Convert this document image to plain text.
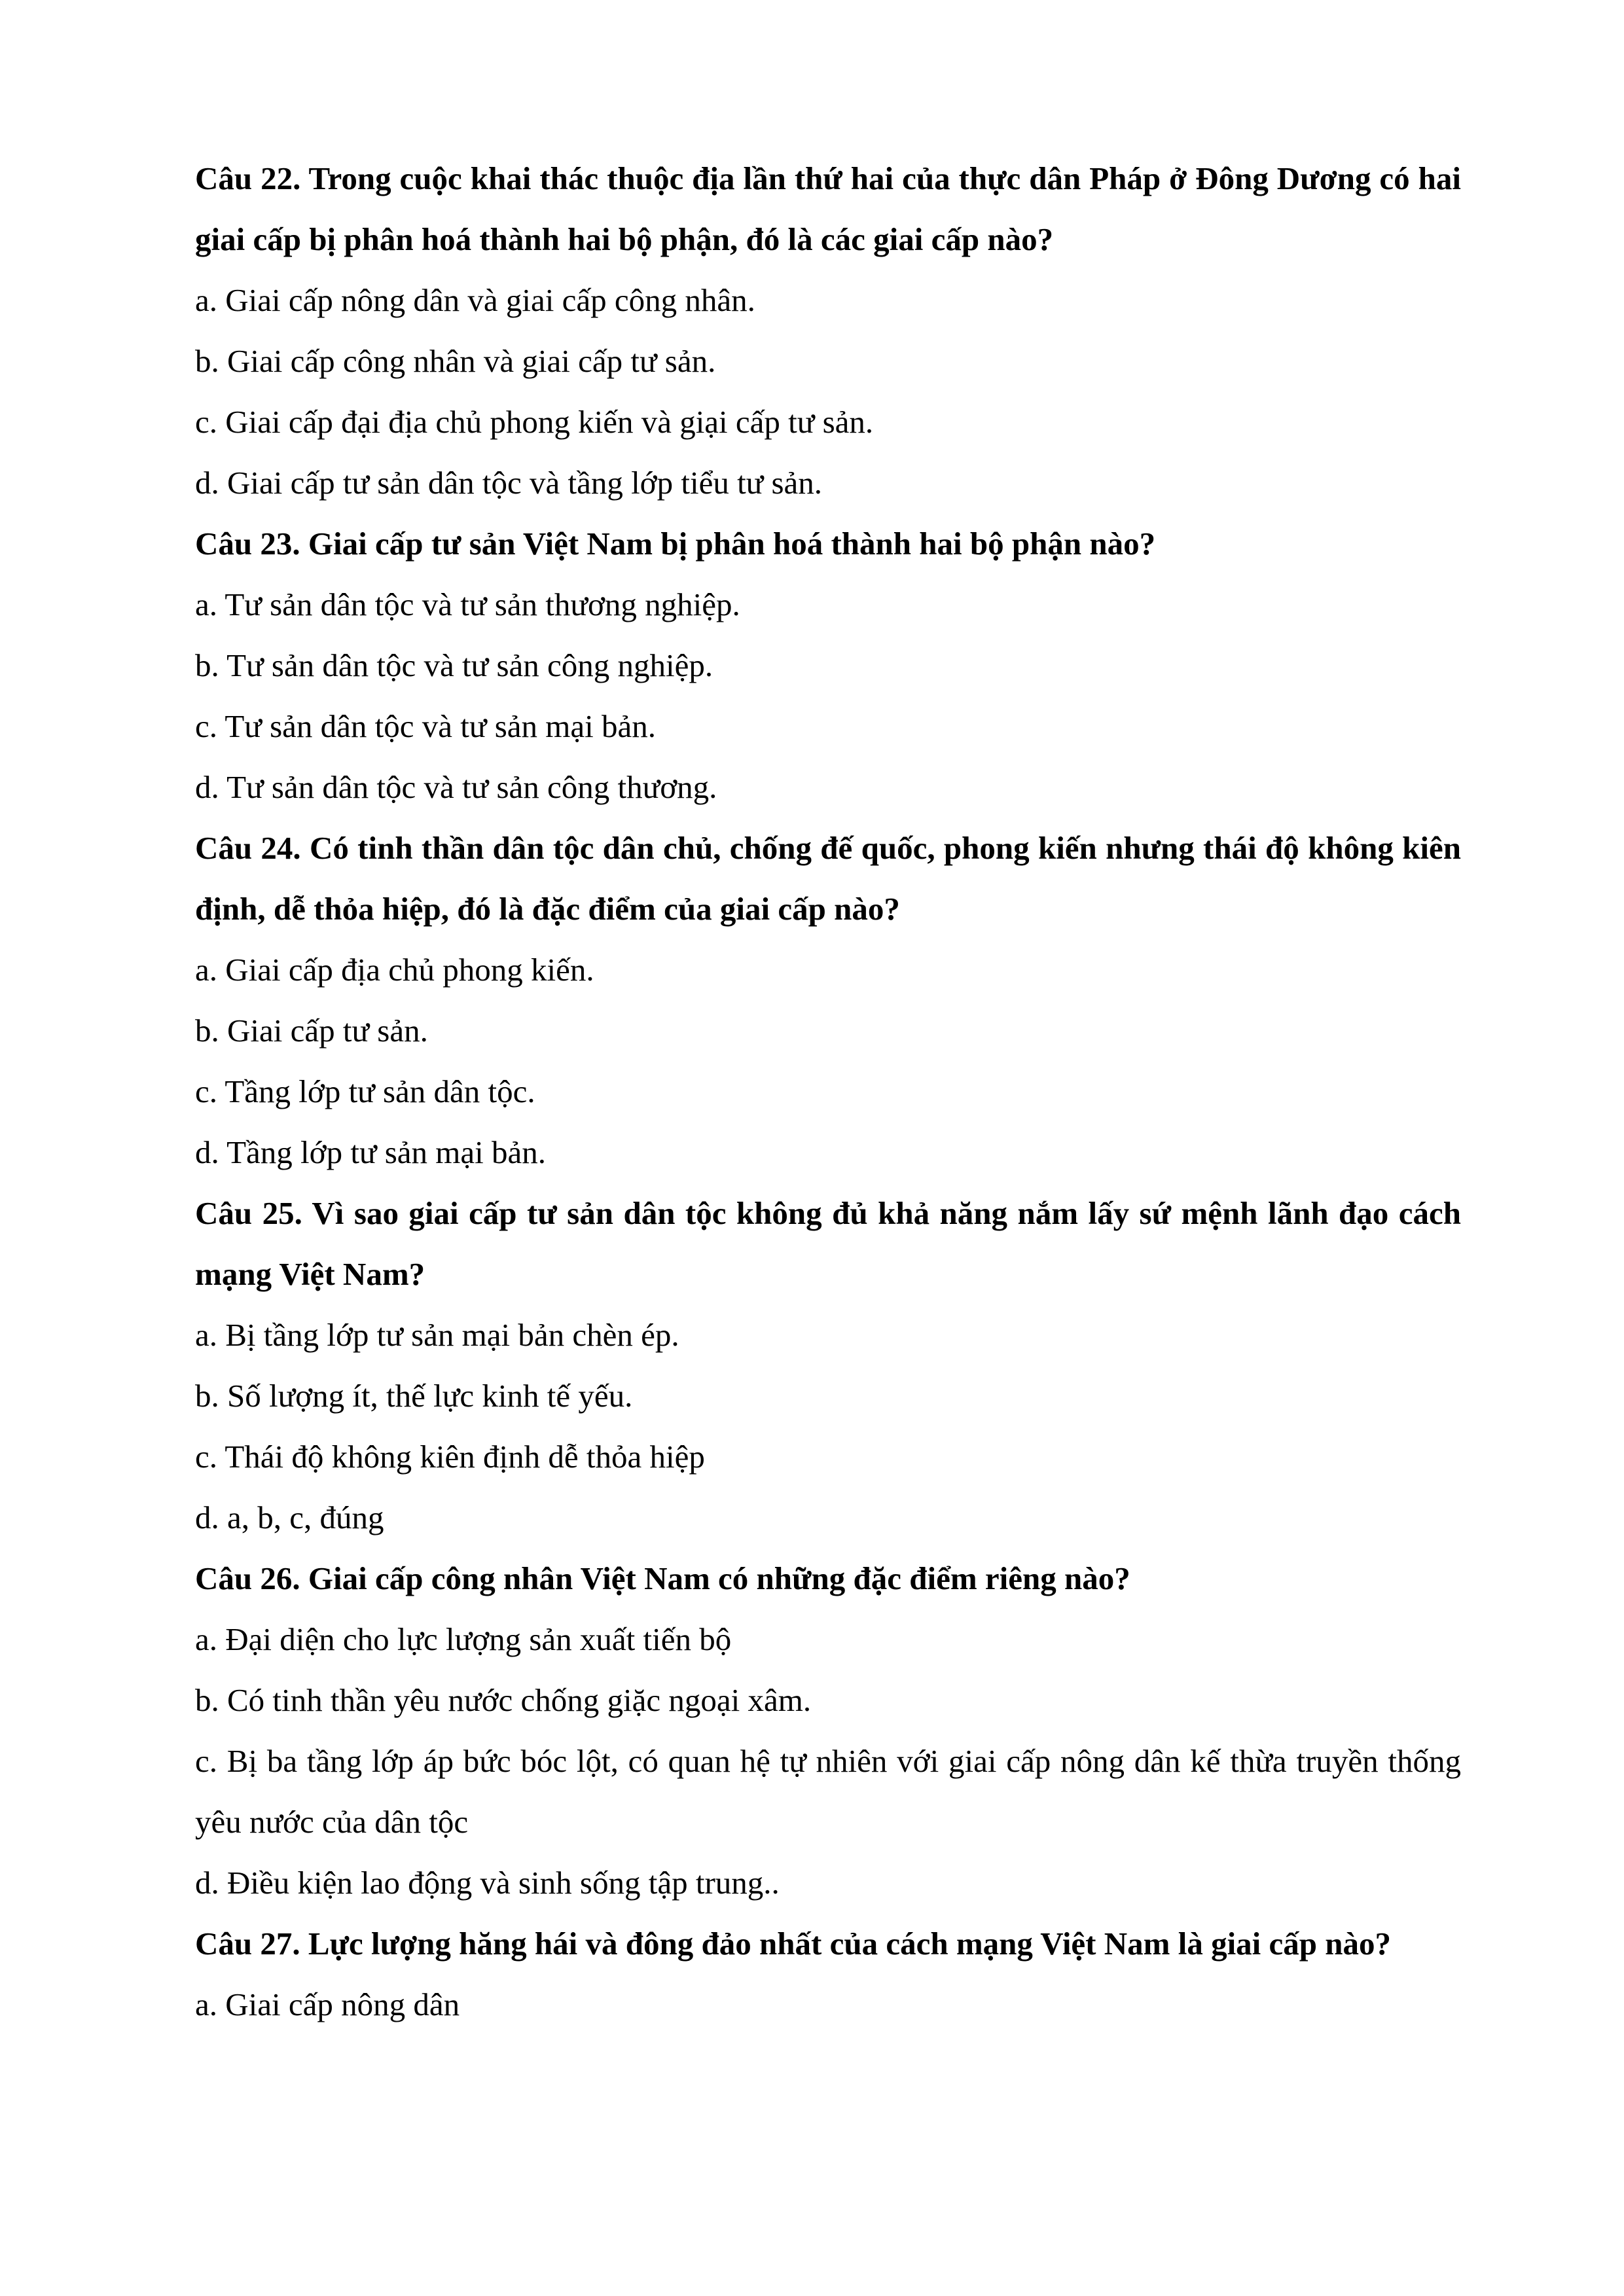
Câu 22. Trong cuộc khai thác thuộc địa lần thứ hai của thực dân Pháp ở Đông Dương có hai giai cấp bị phân hoá thành hai bộ phận, đó là các giai cấp nào?

a. Giai cấp nông dân và giai cấp công nhân.

b. Giai cấp công nhân và giai cấp tư sản.

c. Giai cấp đại địa chủ phong kiến và giại cấp tư sản.

d. Giai cấp tư sản dân tộc và tầng lớp tiểu tư sản.

Câu 23. Giai cấp tư sản Việt Nam bị phân hoá thành hai bộ phận nào?

a. Tư sản dân tộc và tư sản thương nghiệp.

b. Tư sản dân tộc và tư sản công nghiệp.

c. Tư sản dân tộc và tư sản mại bản.

d. Tư sản dân tộc và tư sản công thương.

Câu 24. Có tinh thần dân tộc dân chủ, chống đế quốc, phong kiến nhưng thái độ không kiên định, dễ thỏa hiệp, đó là đặc điểm của giai cấp nào?

a. Giai cấp địa chủ phong kiến.

b. Giai cấp tư sản.

c. Tầng lớp tư sản dân tộc.

d. Tầng lớp tư sản mại bản.

Câu 25. Vì sao giai cấp tư sản dân tộc không đủ khả năng nắm lấy sứ mệnh lãnh đạo cách mạng Việt Nam?

a. Bị tầng lớp tư sản mại bản chèn ép.

b. Số lượng ít, thế lực kinh tế yếu.

c. Thái độ không kiên định dễ thỏa hiệp

d. a, b, c, đúng

Câu 26. Giai cấp công nhân Việt Nam có những đặc điểm riêng nào?

a. Đại diện cho lực lượng sản xuất tiến bộ

b. Có tinh thần yêu nước chống giặc ngoại xâm.

c. Bị ba tầng lớp áp bức bóc lột, có quan hệ tự nhiên với giai cấp nông dân kế thừa truyền thống yêu nước của dân tộc

d. Điều kiện lao động và sinh sống tập trung..

Câu 27. Lực lượng hăng hái và đông đảo nhất của cách mạng Việt Nam là giai cấp nào?

a. Giai cấp nông dân
